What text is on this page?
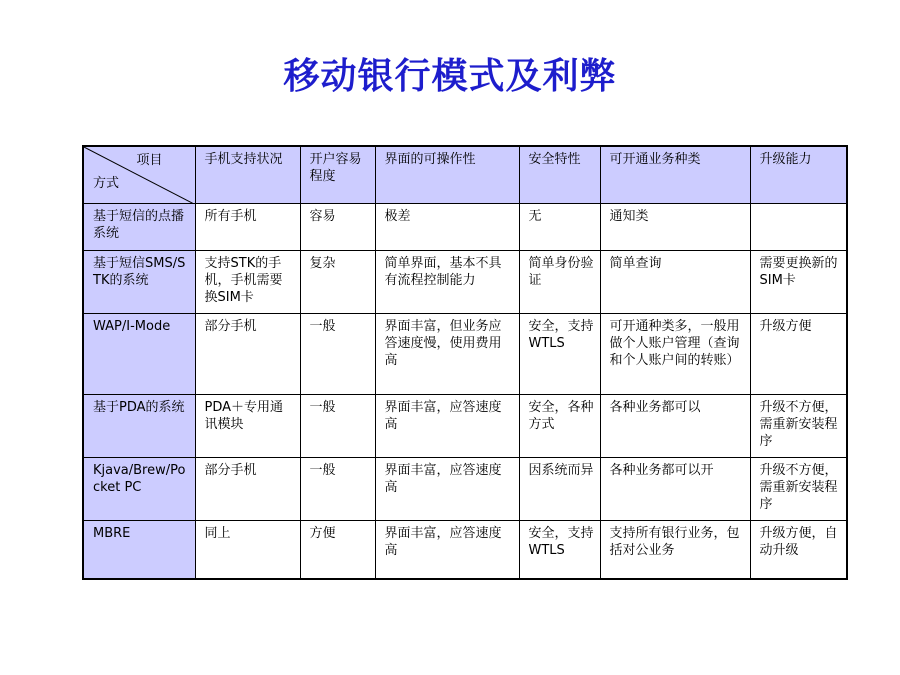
移动银行模式及利弊
项目
方式	手机支持状况	开户容易程度	界面的可操作性	安全特性	可开通业务种类	升级能力
基于短信的点播系统	所有手机	容易	极差	无	通知类	
基于短信SMS/STK的系统	支持STK的手机，手机需要换SIM卡	复杂	简单界面，基本不具有流程控制能力	简单身份验证	简单查询	需要更换新的SIM卡
WAP/I-Mode	部分手机	一般	界面丰富，但业务应答速度慢，使用费用高	安全，支持WTLS	可开通种类多，一般用做个人账户管理（查询和个人账户间的转账）	升级方便
基于PDA的系统	PDA＋专用通讯模块	一般	界面丰富，应答速度高	安全，各种方式	各种业务都可以	升级不方便，需重新安装程序
Kjava/Brew/Pocket PC	部分手机	一般	界面丰富，应答速度高	因系统而异	各种业务都可以开	升级不方便，需重新安装程序
MBRE	同上	方便	界面丰富，应答速度高	安全，支持WTLS	支持所有银行业务，包括对公业务	升级方便，自动升级
